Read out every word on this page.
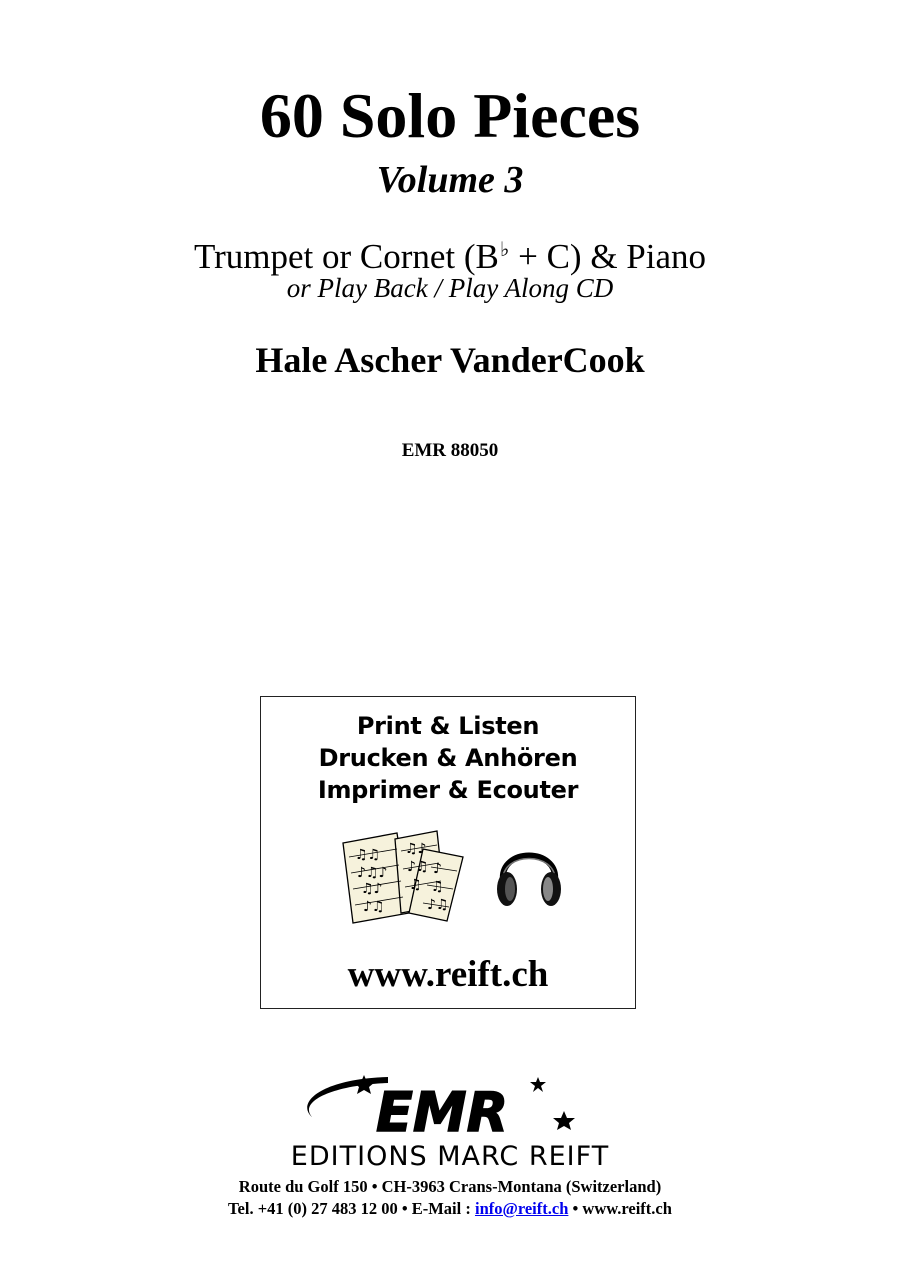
60 Solo Pieces
Volume 3
Trumpet or Cornet (B♭ + C) & Piano
or Play Back / Play Along CD
Hale Ascher VanderCook
EMR 88050
Print & Listen
Drucken & Anhören
Imprimer & Ecouter
♫♫
♪♫♪
♫♪
♪♫
♫♪
♪♫
♫
♪
♫
♪♫
www.reift.ch
EMR
EDITIONS MARC REIFT
Route du Golf 150 • CH-3963 Crans-Montana (Switzerland)
Tel. +41 (0) 27 483 12 00 • E-Mail : info@reift.ch • www.reift.ch
